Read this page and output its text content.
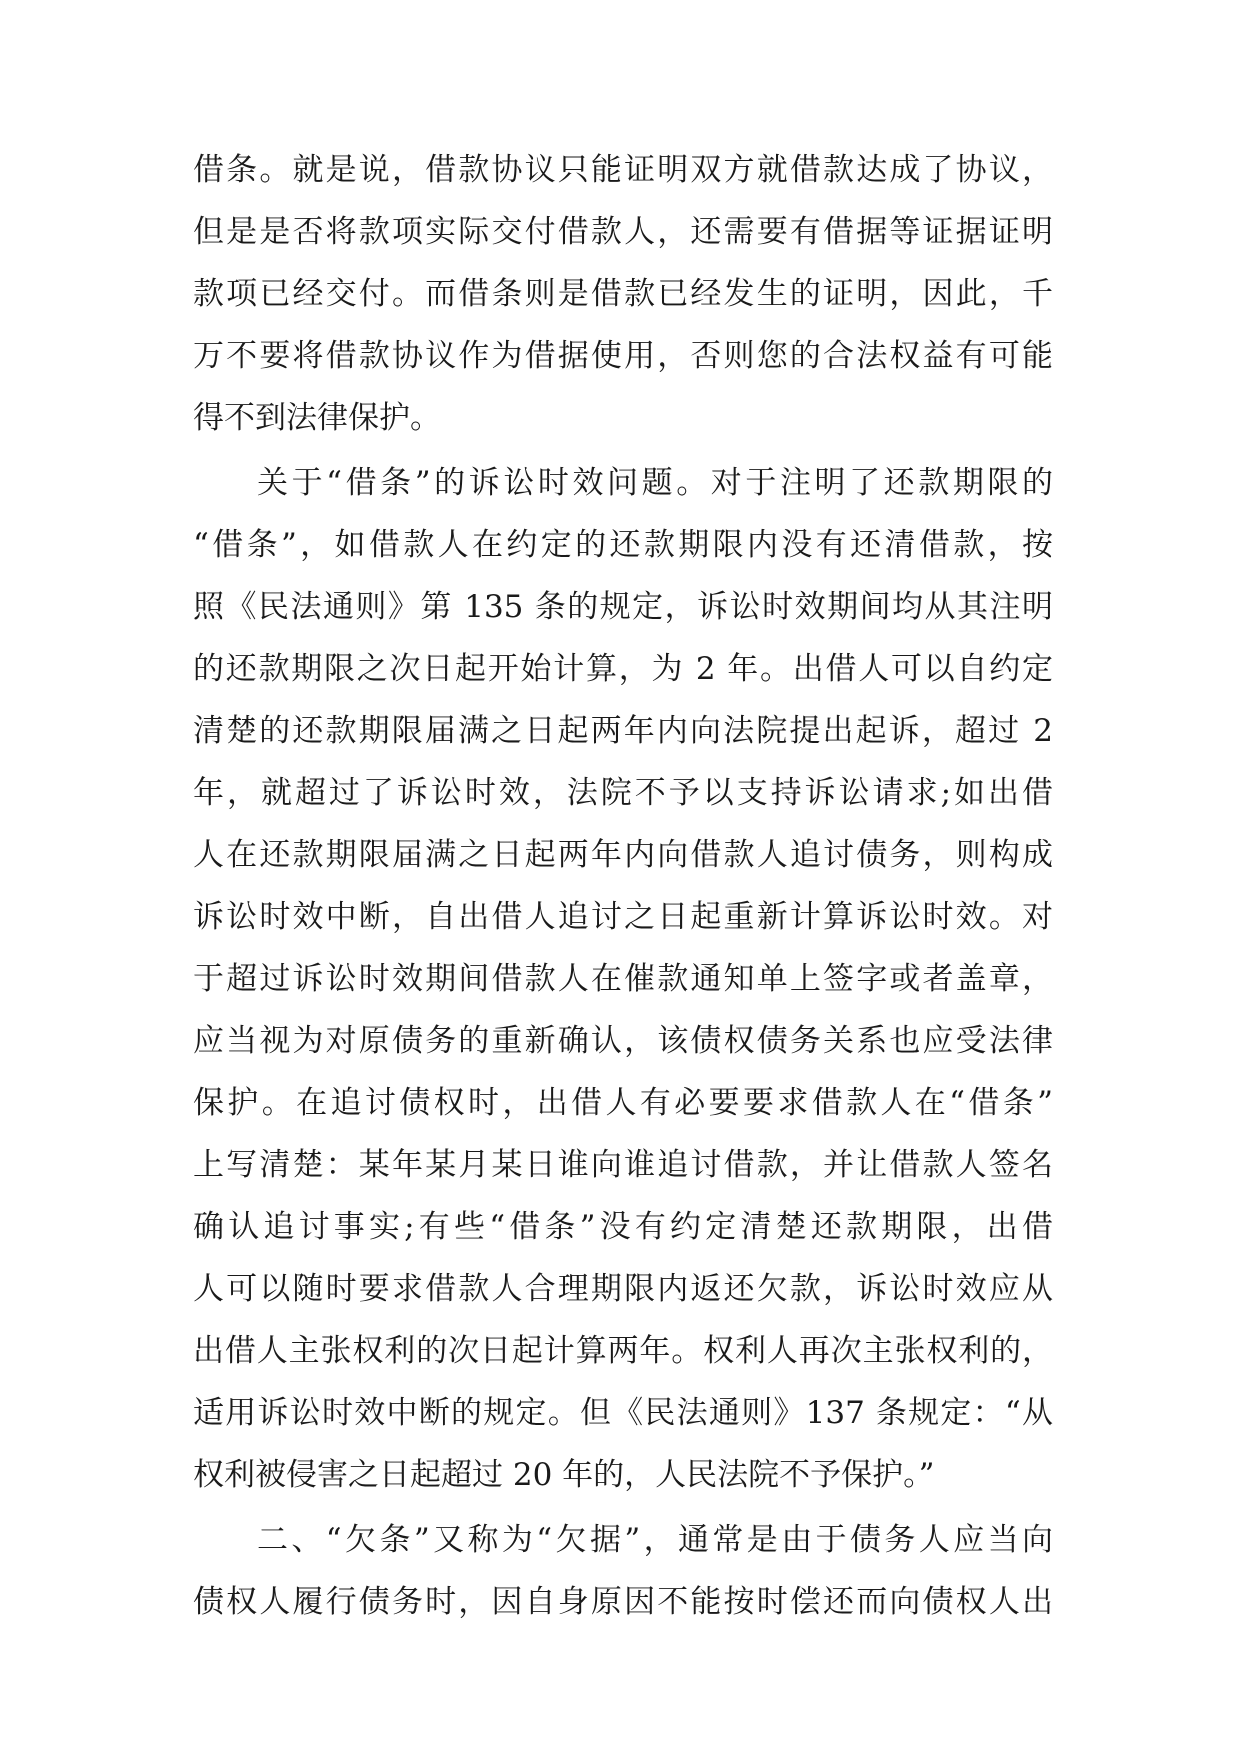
借条。就是说，借款协议只能证明双方就借款达成了协议，
但是是否将款项实际交付借款人，还需要有借据等证据证明
款项已经交付。而借条则是借款已经发生的证明，因此，千
万不要将借款协议作为借据使用，否则您的合法权益有可能
得不到法律保护。
关于“借条”的诉讼时效问题。对于注明了还款期限的
“借条”，如借款人在约定的还款期限内没有还清借款，按
照《民法通则》第 135 条的规定，诉讼时效期间均从其注明
的还款期限之次日起开始计算，为 2 年。出借人可以自约定
清楚的还款期限届满之日起两年内向法院提出起诉，超过 2
年，就超过了诉讼时效，法院不予以支持诉讼请求;如出借
人在还款期限届满之日起两年内向借款人追讨债务，则构成
诉讼时效中断，自出借人追讨之日起重新计算诉讼时效。对
于超过诉讼时效期间借款人在催款通知单上签字或者盖章，
应当视为对原债务的重新确认，该债权债务关系也应受法律
保护。在追讨债权时，出借人有必要要求借款人在“借条”
上写清楚：某年某月某日谁向谁追讨借款，并让借款人签名
确认追讨事实;有些“借条”没有约定清楚还款期限，出借
人可以随时要求借款人合理期限内返还欠款，诉讼时效应从
出借人主张权利的次日起计算两年。权利人再次主张权利的，
适用诉讼时效中断的规定。但《民法通则》137 条规定：“从
权利被侵害之日起超过 20 年的，人民法院不予保护。”
二、“欠条”又称为“欠据”，通常是由于债务人应当向
债权人履行债务时，因自身原因不能按时偿还而向债权人出
